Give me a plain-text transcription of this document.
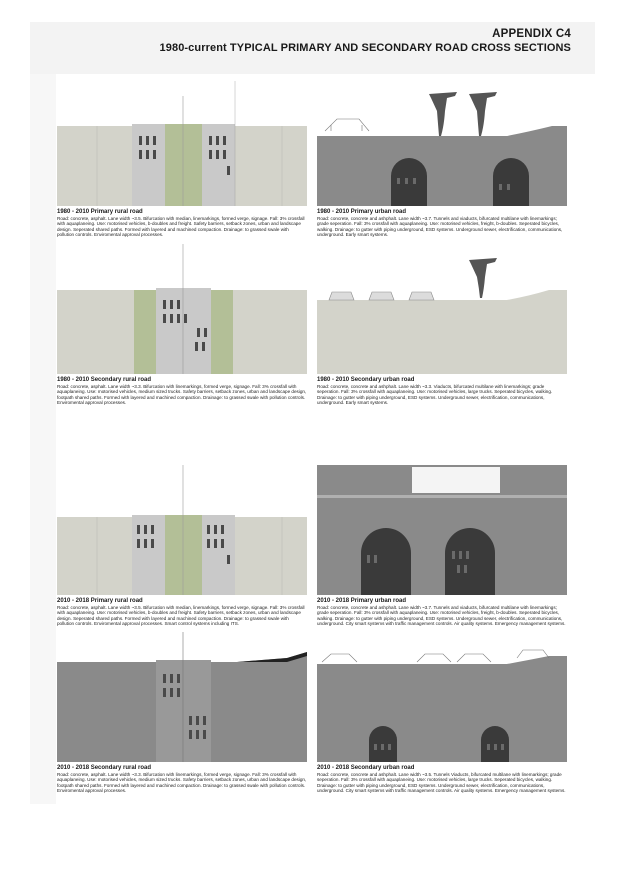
APPENDIX C4
1980-current TYPICAL PRIMARY AND SECONDARY ROAD CROSS SECTIONS
1980 - 2010 Primary rural road
Road: concrete, asphalt. Lane width ~3.5. Bifurcation with median, linemarkings, formed verge, signage. Fall: 3% crossfall with aquaplaneing. Use: motorised vehicles, b-doubles and freight. Safety barriers, setback zones, urban and landscape design. Seperated shared paths. Formed with layered and machined compaction. Drainage: to grassed swale with pollution controls. Enviromental approval processes.
1980 - 2010 Primary urban road
Road: concrete, concrete and ashphalt. Lane width ~3.7. Tunnels and viaducts, bifurcated multilane with linemarkings; grade seperation. Fall: 3% crossfall with aquaplaneing. Use: motorised vehicles, freight, b-doubles. Seperated bicycles, walking. Drainage: to gutter with piping underground, ESD systems. Underground sewer, electrification, communications, underground. Early smart systems.
1980 - 2010 Secondary rural road
Road: concrete, asphalt. Lane width ~3.3. Bifurcation with linemarkings, formed verge, signage. Fall: 3% crossfall with aquaplaneing. Use: motorised vehicles, medium sized trucks. Safety barriers, setback zones, urban and landscape design, footpath shared paths. Formed with layered and machined compaction. Drainage: to grassed swale with pollution controls. Enviromental approval processes.
1980 - 2010 Secondary urban road
Road: concrete, concrete and ashphalt. Lane width ~3.3. Viaducts, bifurcated multilane with linemarkings; grade seperation. Fall: 3% crossfall with aquaplaneing. Use: motorised vehicles, large trucks. Seperated bicycles, walking. Drainage: to gutter with piping underground, ESD systems. Underground sewer, electrification, communications, underground. Early smart systems.
2010 - 2018 Primary rural road
Road: concrete, asphalt. Lane width ~3.5. Bifurcation with median, linemarkings, formed verge, signage. Fall: 3% crossfall with aquaplaneing. Use: motorised vehicles, b-doubles and freight. Safety barriers, setback zones, urban and landscape design. Seperated shared paths. Formed with layered and machined compaction. Drainage: to grassed swale with pollution controls. Enviromental approval processes. Smart control systems including ITS.
2010 - 2018 Primary urban road
Road: concrete, concrete and ashphalt. Lane width ~3.7. Tunnels and viaducts, bifurcated multilane with linemarkings; grade seperation. Fall: 3% crossfall with aquaplaneing. Use: motorised vehicles, freight, b-doubles. Seperated bicycles, walking. Drainage: to gutter with piping underground, ESD systems. Underground sewer, electrification, communications, underground. City smart systems with traffic management controls. Air quality systems. Emergency management systems.
2010 - 2018 Secondary rural road
Road: concrete, asphalt. Lane width ~3.3. Bifurcation with linemarkings, formed verge, signage. Fall: 3% crossfall with aquaplaneing. Use: motorised vehicles, medium sized trucks. Safety barriers, setback zones, urban and landscape design, footpath shared paths. Formed with layered and machined compaction. Drainage: to grassed swale with pollution controls. Enviromental approval processes.
2010 - 2018 Secondary urban road
Road: concrete, concrete and ashphalt. Lane width ~3.5. Tunnels Viaducts, bifurcated multilane with linemarkings; grade seperation. Fall: 3% crossfall with aquaplaneing. Use: motorised vehicles, large trucks. Seperated bicycles, walking. Drainage: to gutter with piping underground, ESD systems. Underground sewer, electrification, communications, underground. City smart systems with traffic management controls. Air quality systems. Emergency management systems.
